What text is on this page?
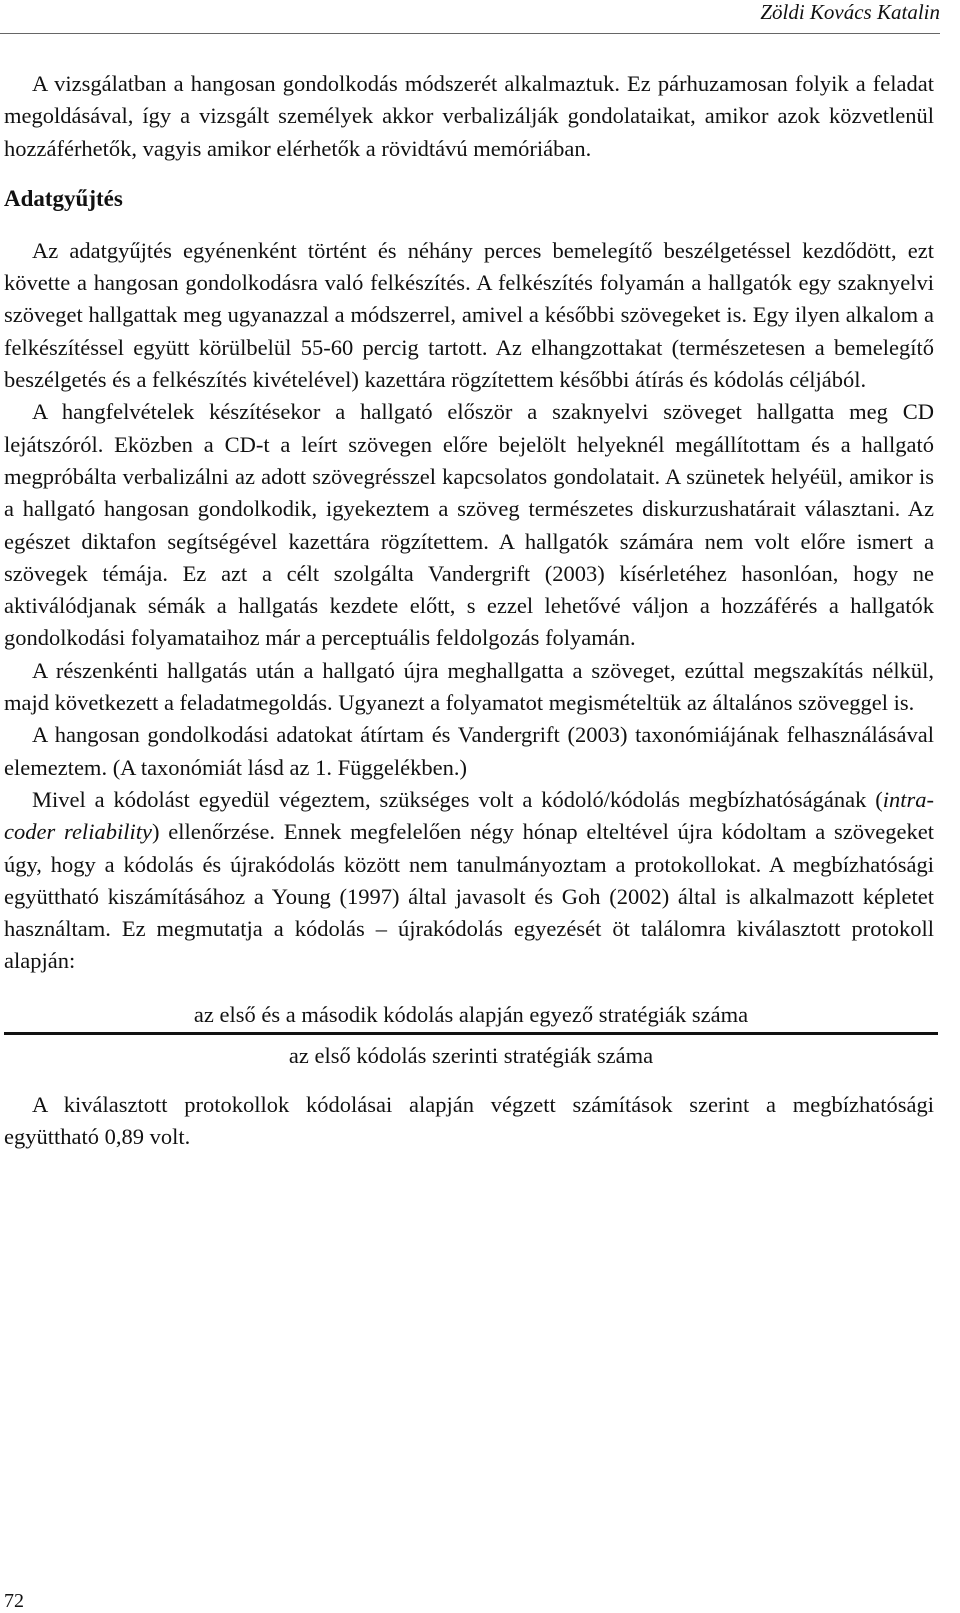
Zöldi Kovács Katalin

A vizsgálatban a hangosan gondolkodás módszerét alkalmaztuk. Ez párhuzamosan folyik a feladat megoldásával, így a vizsgált személyek akkor verbalizálják gondolataikat, amikor azok közvetlenül hozzáférhetők, vagyis amikor elérhetők a rövidtávú memóriában.

Adatgyűjtés

Az adatgyűjtés egyénenként történt és néhány perces bemelegítő beszélgetéssel kezdődött, ezt követte a hangosan gondolkodásra való felkészítés. A felkészítés folyamán a hallgatók egy szaknyelvi szöveget hallgattak meg ugyanazzal a módszerrel, amivel a későbbi szövegeket is. Egy ilyen alkalom a felkészítéssel együtt körülbelül 55-60 percig tartott. Az elhangzottakat (természetesen a bemelegítő beszélgetés és a felkészítés kivételével) kazettára rögzítettem későbbi átírás és kódolás céljából.

A hangfelvételek készítésekor a hallgató először a szaknyelvi szöveget hallgatta meg CD lejátszóról. Eközben a CD-t a leírt szövegen előre bejelölt helyeknél megállítottam és a hallgató megpróbálta verbalizálni az adott szövegrésszel kapcsolatos gondolatait. A szünetek helyéül, amikor is a hallgató hangosan gondolkodik, igyekeztem a szöveg természetes diskurzushatárait választani. Az egészet diktafon segítségével kazettára rögzítettem. A hallgatók számára nem volt előre ismert a szövegek témája. Ez azt a célt szolgálta Vandergrift (2003) kísérletéhez hasonlóan, hogy ne aktiválódjanak sémák a hallgatás kezdete előtt, s ezzel lehetővé váljon a hozzáférés a hallgatók gondolkodási folyamataihoz már a perceptuális feldolgozás folyamán.

A részenkénti hallgatás után a hallgató újra meghallgatta a szöveget, ezúttal megszakítás nélkül, majd következett a feladatmegoldás. Ugyanezt a folyamatot megismételtük az általános szöveggel is.

A hangosan gondolkodási adatokat átírtam és Vandergrift (2003) taxonómiájának felhasználásával elemeztem. (A taxonómiát lásd az 1. Függelékben.)

Mivel a kódolást egyedül végeztem, szükséges volt a kódoló/kódolás megbízhatóságának (intra-coder reliability) ellenőrzése. Ennek megfelelően négy hónap elteltével újra kódoltam a szövegeket úgy, hogy a kódolás és újrakódolás között nem tanulmányoztam a protokollokat. A megbízhatósági együttható kiszámításához a Young (1997) által javasolt és Goh (2002) által is alkalmazott képletet használtam. Ez megmutatja a kódolás – újrakódolás egyezését öt találomra kiválasztott protokoll alapján:

az első és a második kódolás alapján egyező stratégiák száma
az első kódolás szerinti stratégiák száma

A kiválasztott protokollok kódolásai alapján végzett számítások szerint a megbízhatósági együttható 0,89 volt.

72
